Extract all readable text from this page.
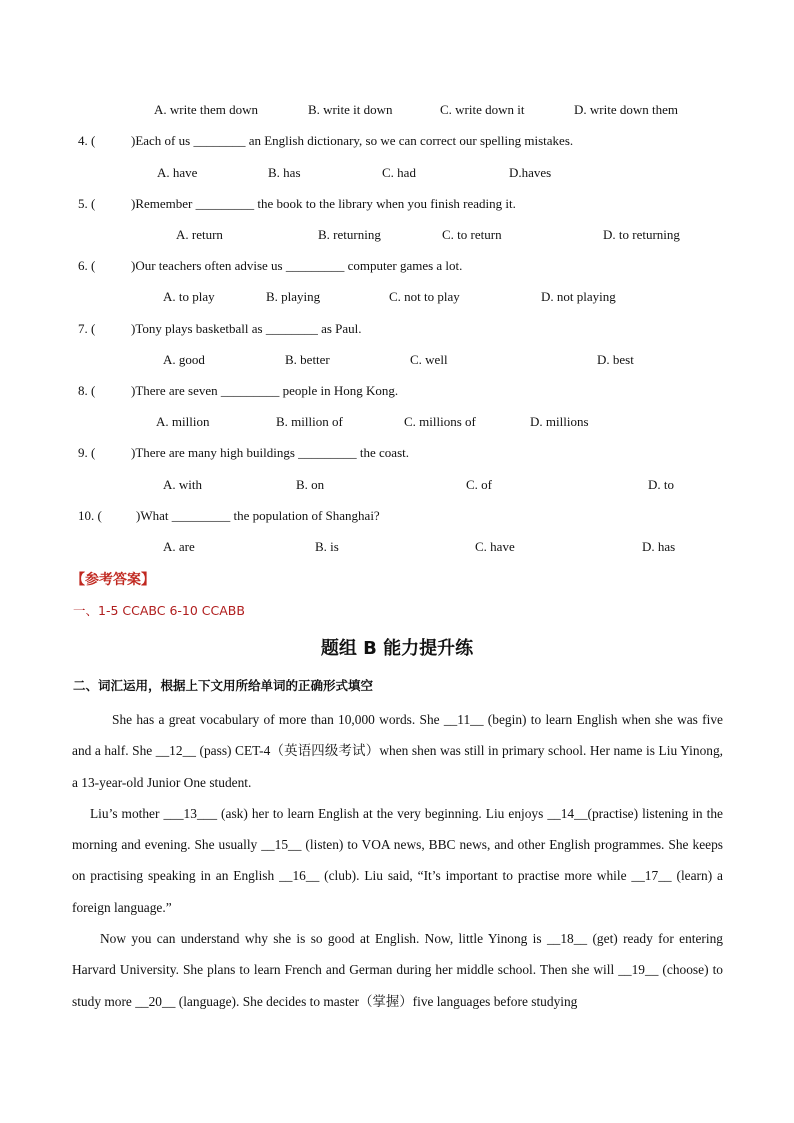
A. write them down	B. write it down	C. write down it	D. write down them
4. (	)Each of us ________ an English dictionary, so we can correct our spelling mistakes.
A. have	B. has	C. had	D.haves
5. (	)Remember _________ the book to the library when you finish reading it.
A. return	B. returning	C. to return	D. to returning
6. (	)Our teachers often advise us _________ computer games a lot.
A. to play	B. playing	C. not to play	D. not playing
7. (	)Tony plays basketball as ________ as Paul.
A. good	B. better	C. well	D. best
8. (	)There are seven _________ people in Hong Kong.
A. million	B. million of	C. millions of	D. millions
9. (	)There are many high buildings _________ the coast.
A. with	B. on	C. of	D. to
10. (	)What _________ the population of Shanghai?
A. are	B. is	C. have	D. has
【参考答案】
一、1-5 CCABC 6-10 CCABB
题组 B 能力提升练
二、词汇运用，根据上下文用所给单词的正确形式填空

She has a great vocabulary of more than 10,000 words. She __11__ (begin) to learn English when she was five and a half. She __12__ (pass) CET-4（英语四级考试）when shen was still in primary school. Her name is Liu Yinong, a 13-year-old Junior One student.

Liu’s mother ___13___ (ask) her to learn English at the very beginning. Liu enjoys __14__(practise) listening in the morning and evening. She usually __15__ (listen) to VOA news, BBC news, and other English programmes. She keeps on practising speaking in an English __16__ (club). Liu said, “It’s important to practise more while __17__ (learn) a foreign language.”

Now you can understand why she is so good at English. Now, little Yinong is __18__ (get) ready for entering Harvard University. She plans to learn French and German during her middle school. Then she will __19__ (choose) to study more __20__ (language). She decides to master（掌握）five languages before studying
